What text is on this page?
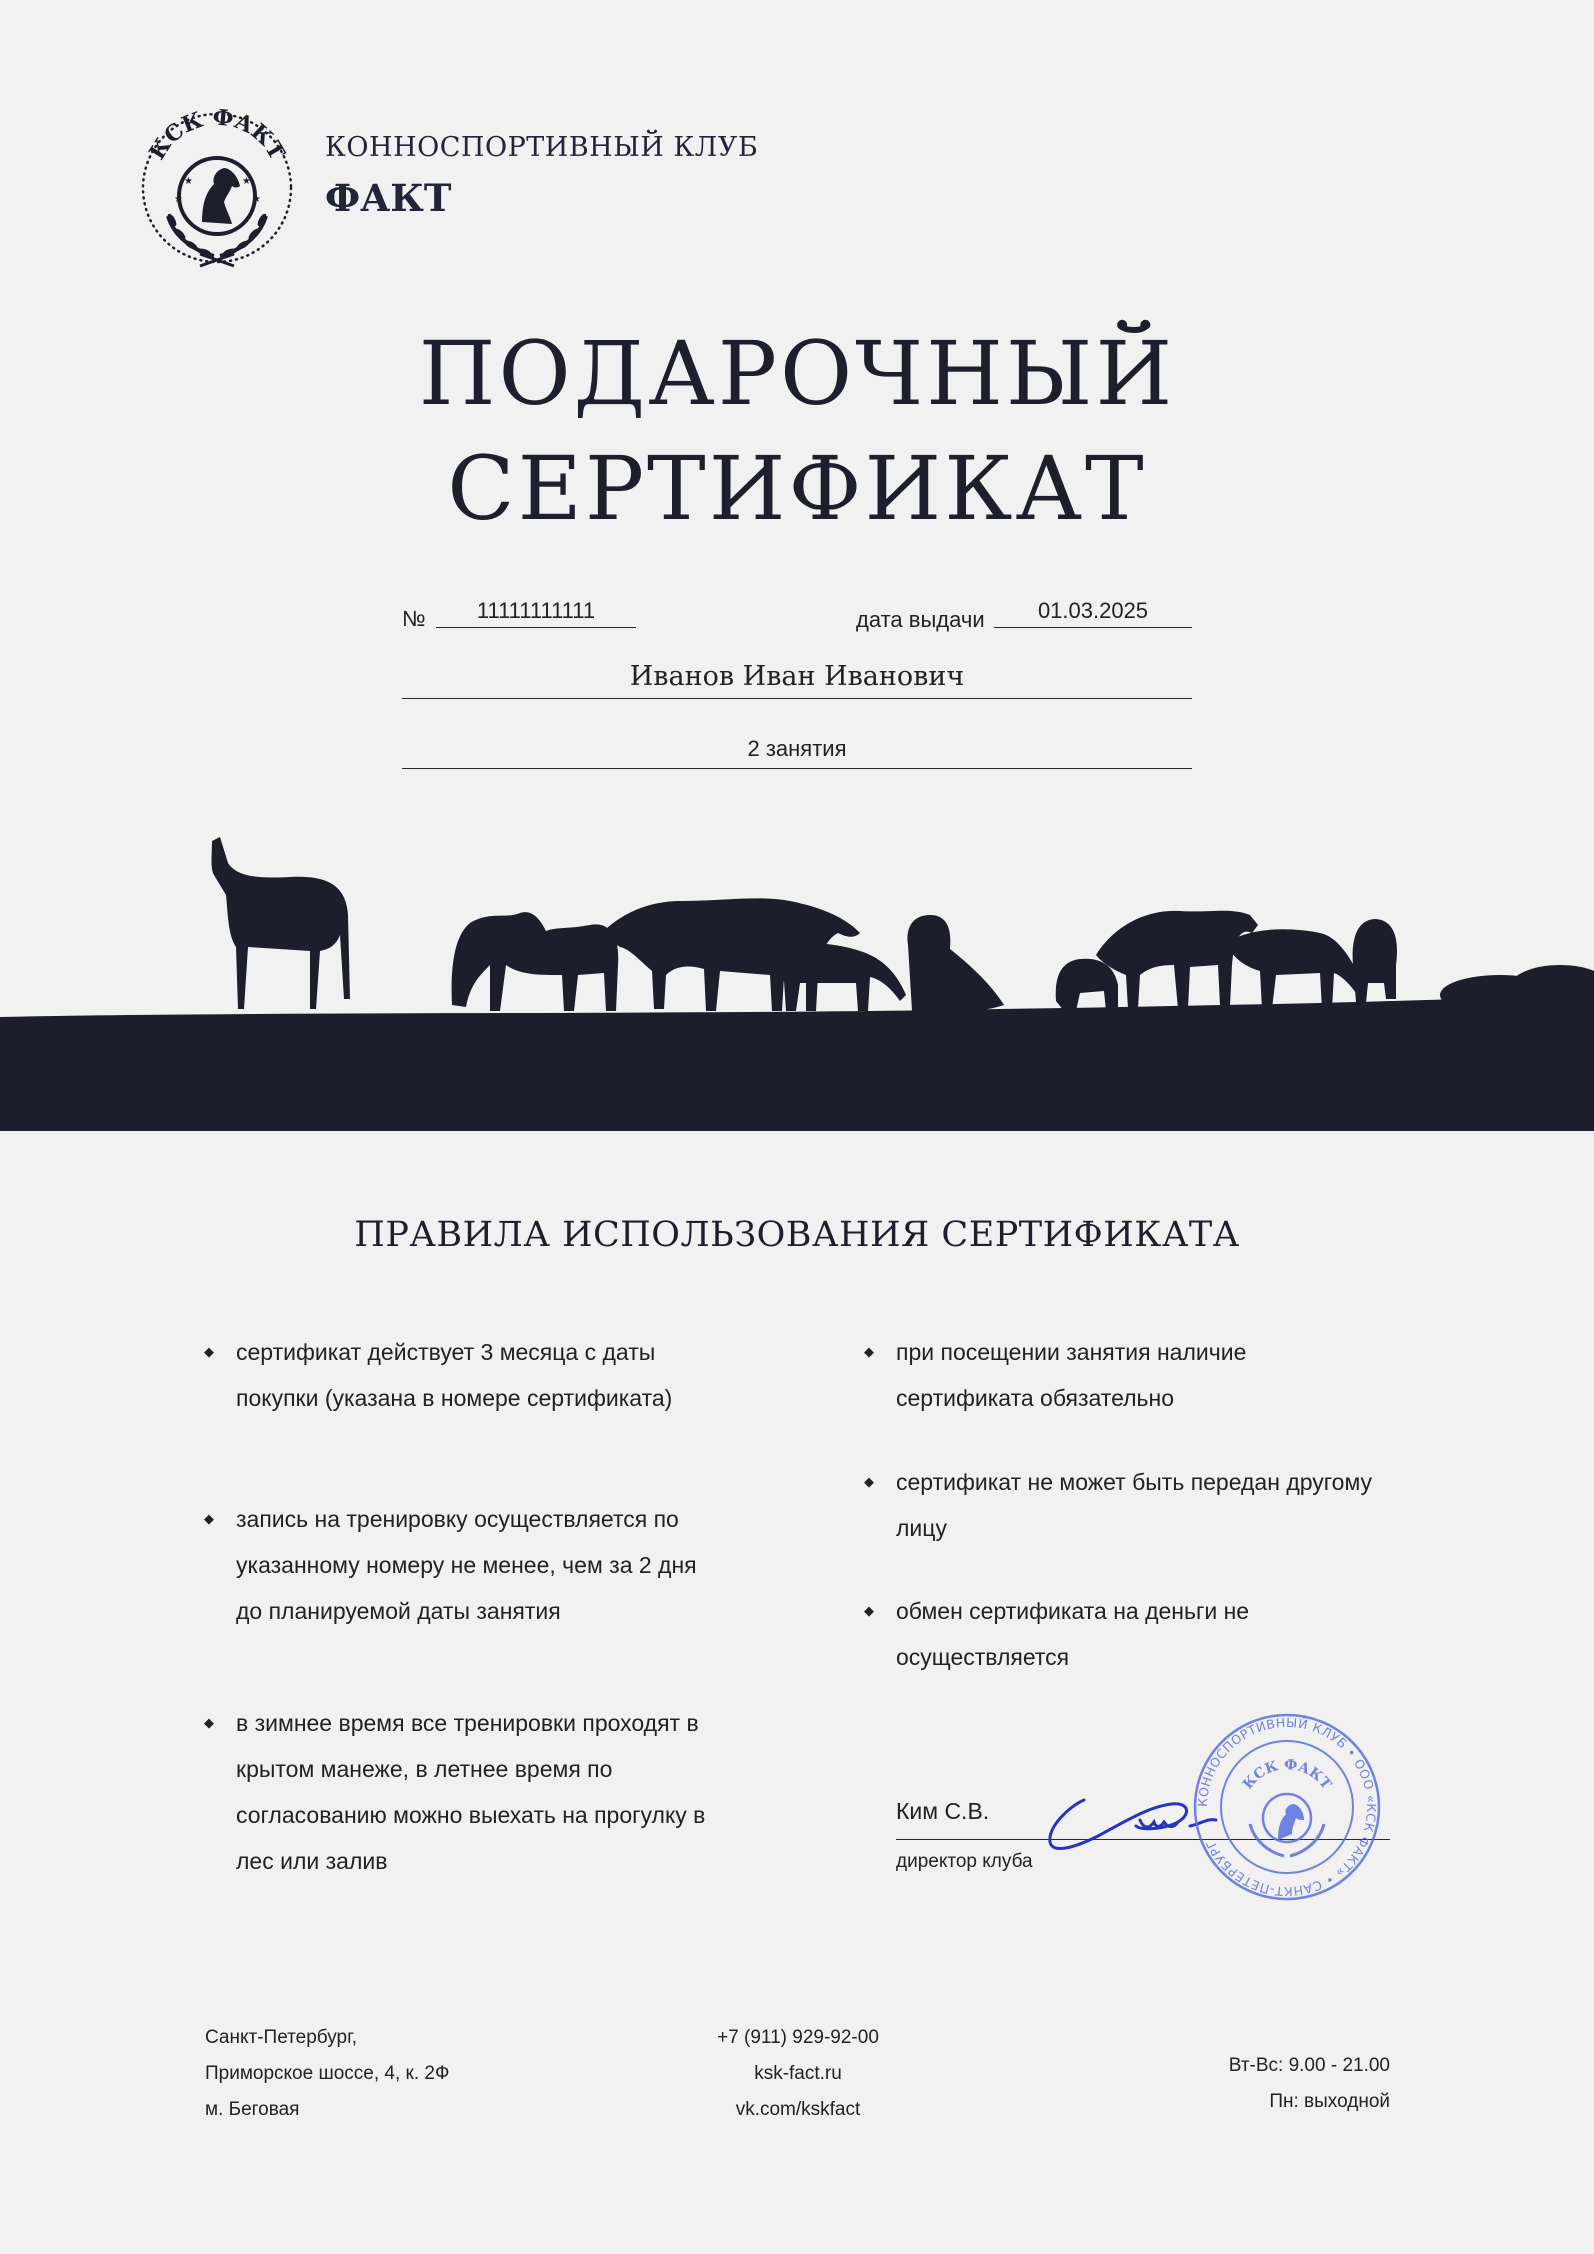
КСК ФАКТ
★
★
★
★
КОННОСПОРТИВНЫЙ КЛУБ
ФАКТ
ПОДАРОЧНЫЙ
СЕРТИФИКАТ
№	11111111111	дата выдачи	01.03.2025
Иванов Иван Иванович
2 занятия
ПРАВИЛА ИСПОЛЬЗОВАНИЯ СЕРТИФИКАТА
◆ сертификат действует 3 месяца с даты
покупки (указана в номере сертификата)
◆ запись на тренировку осуществляется по
указанному номеру не менее, чем за 2 дня
до планируемой даты занятия
◆ в зимнее время все тренировки проходят в
крытом манеже, в летнее время по
согласованию можно выехать на прогулку в
лес или залив
◆ при посещении занятия наличие
сертификата обязательно
◆ сертификат не может быть передан другому
лицу
◆ обмен сертификата на деньги не
осуществляется
Ким С.В.
директор клуба
КОННОСПОРТИВНЫЙ КЛУБ • ООО «КСК ФАКТ» • САНКТ-ПЕТЕРБУРГ
КСК ФАКТ
Санкт-Петербург,
Приморское шоссе, 4, к. 2Ф
м. Беговая
+7 (911) 929-92-00
ksk-fact.ru
vk.com/kskfact
Вт-Вс: 9.00 - 21.00
Пн: выходной
